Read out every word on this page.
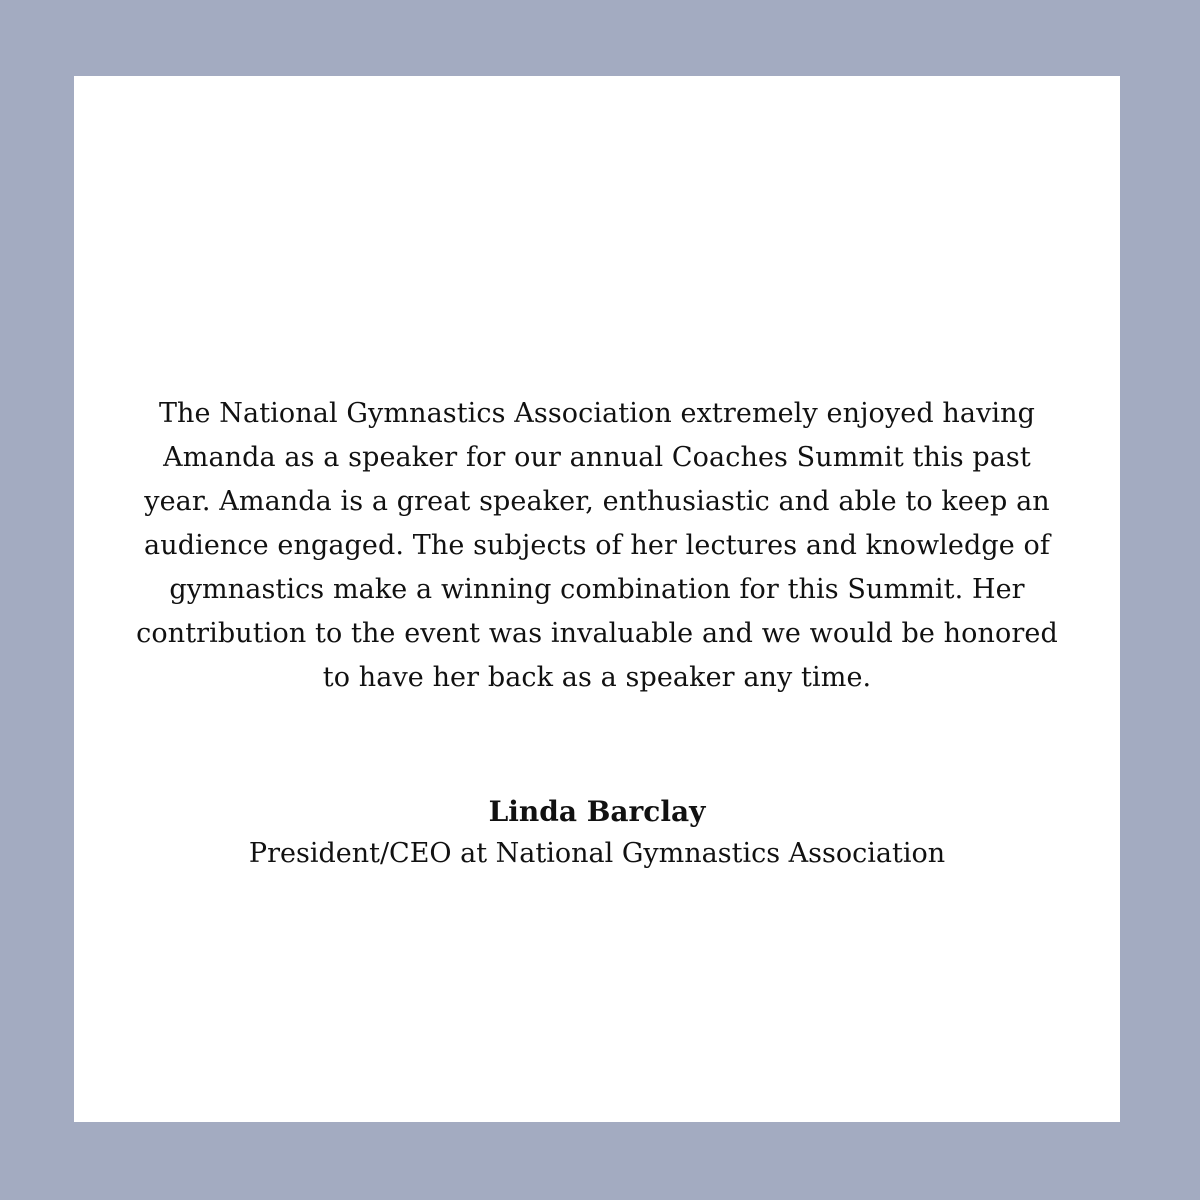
The National Gymnastics Association extremely enjoyed having
Amanda as a speaker for our annual Coaches Summit this past
year. Amanda is a great speaker, enthusiastic and able to keep an
audience engaged. The subjects of her lectures and knowledge of
gymnastics make a winning combination for this Summit. Her
contribution to the event was invaluable and we would be honored
to have her back as a speaker any time.
Linda Barclay
President/CEO at National Gymnastics Association
